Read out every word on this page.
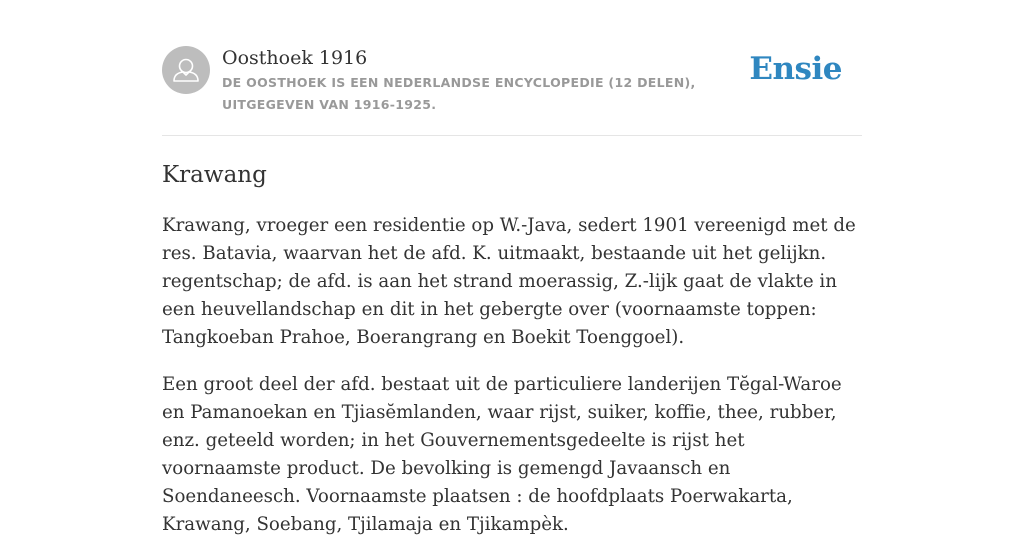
Oosthoek 1916
DE OOSTHOEK IS EEN NEDERLANDSE ENCYCLOPEDIE (12 DELEN), UITGEGEVEN VAN 1916-1925.
Ensie
Krawang

Krawang, vroeger een residentie op W.-Java, sedert 1901 vereenigd met de res. Batavia, waarvan het de afd. K. uitmaakt, bestaande uit het gelijkn. regentschap; de afd. is aan het strand moerassig, Z.-lijk gaat de vlakte in een heuvellandschap en dit in het gebergte over (voornaamste toppen: Tangkoeban Prahoe, Boerangrang en Boekit Toenggoel).

Een groot deel der afd. bestaat uit de particuliere landerijen Tĕgal-Waroe en Pamanoekan en Tjiasĕmlanden, waar rijst, suiker, koffie, thee, rubber, enz. geteeld worden; in het Gouvernementsgedeelte is rijst het voornaamste product. De bevolking is gemengd Javaansch en Soendaneesch. Voornaamste plaatsen : de hoofdplaats Poerwakarta, Krawang, Soebang, Tjilamaja en Tjikampèk.
